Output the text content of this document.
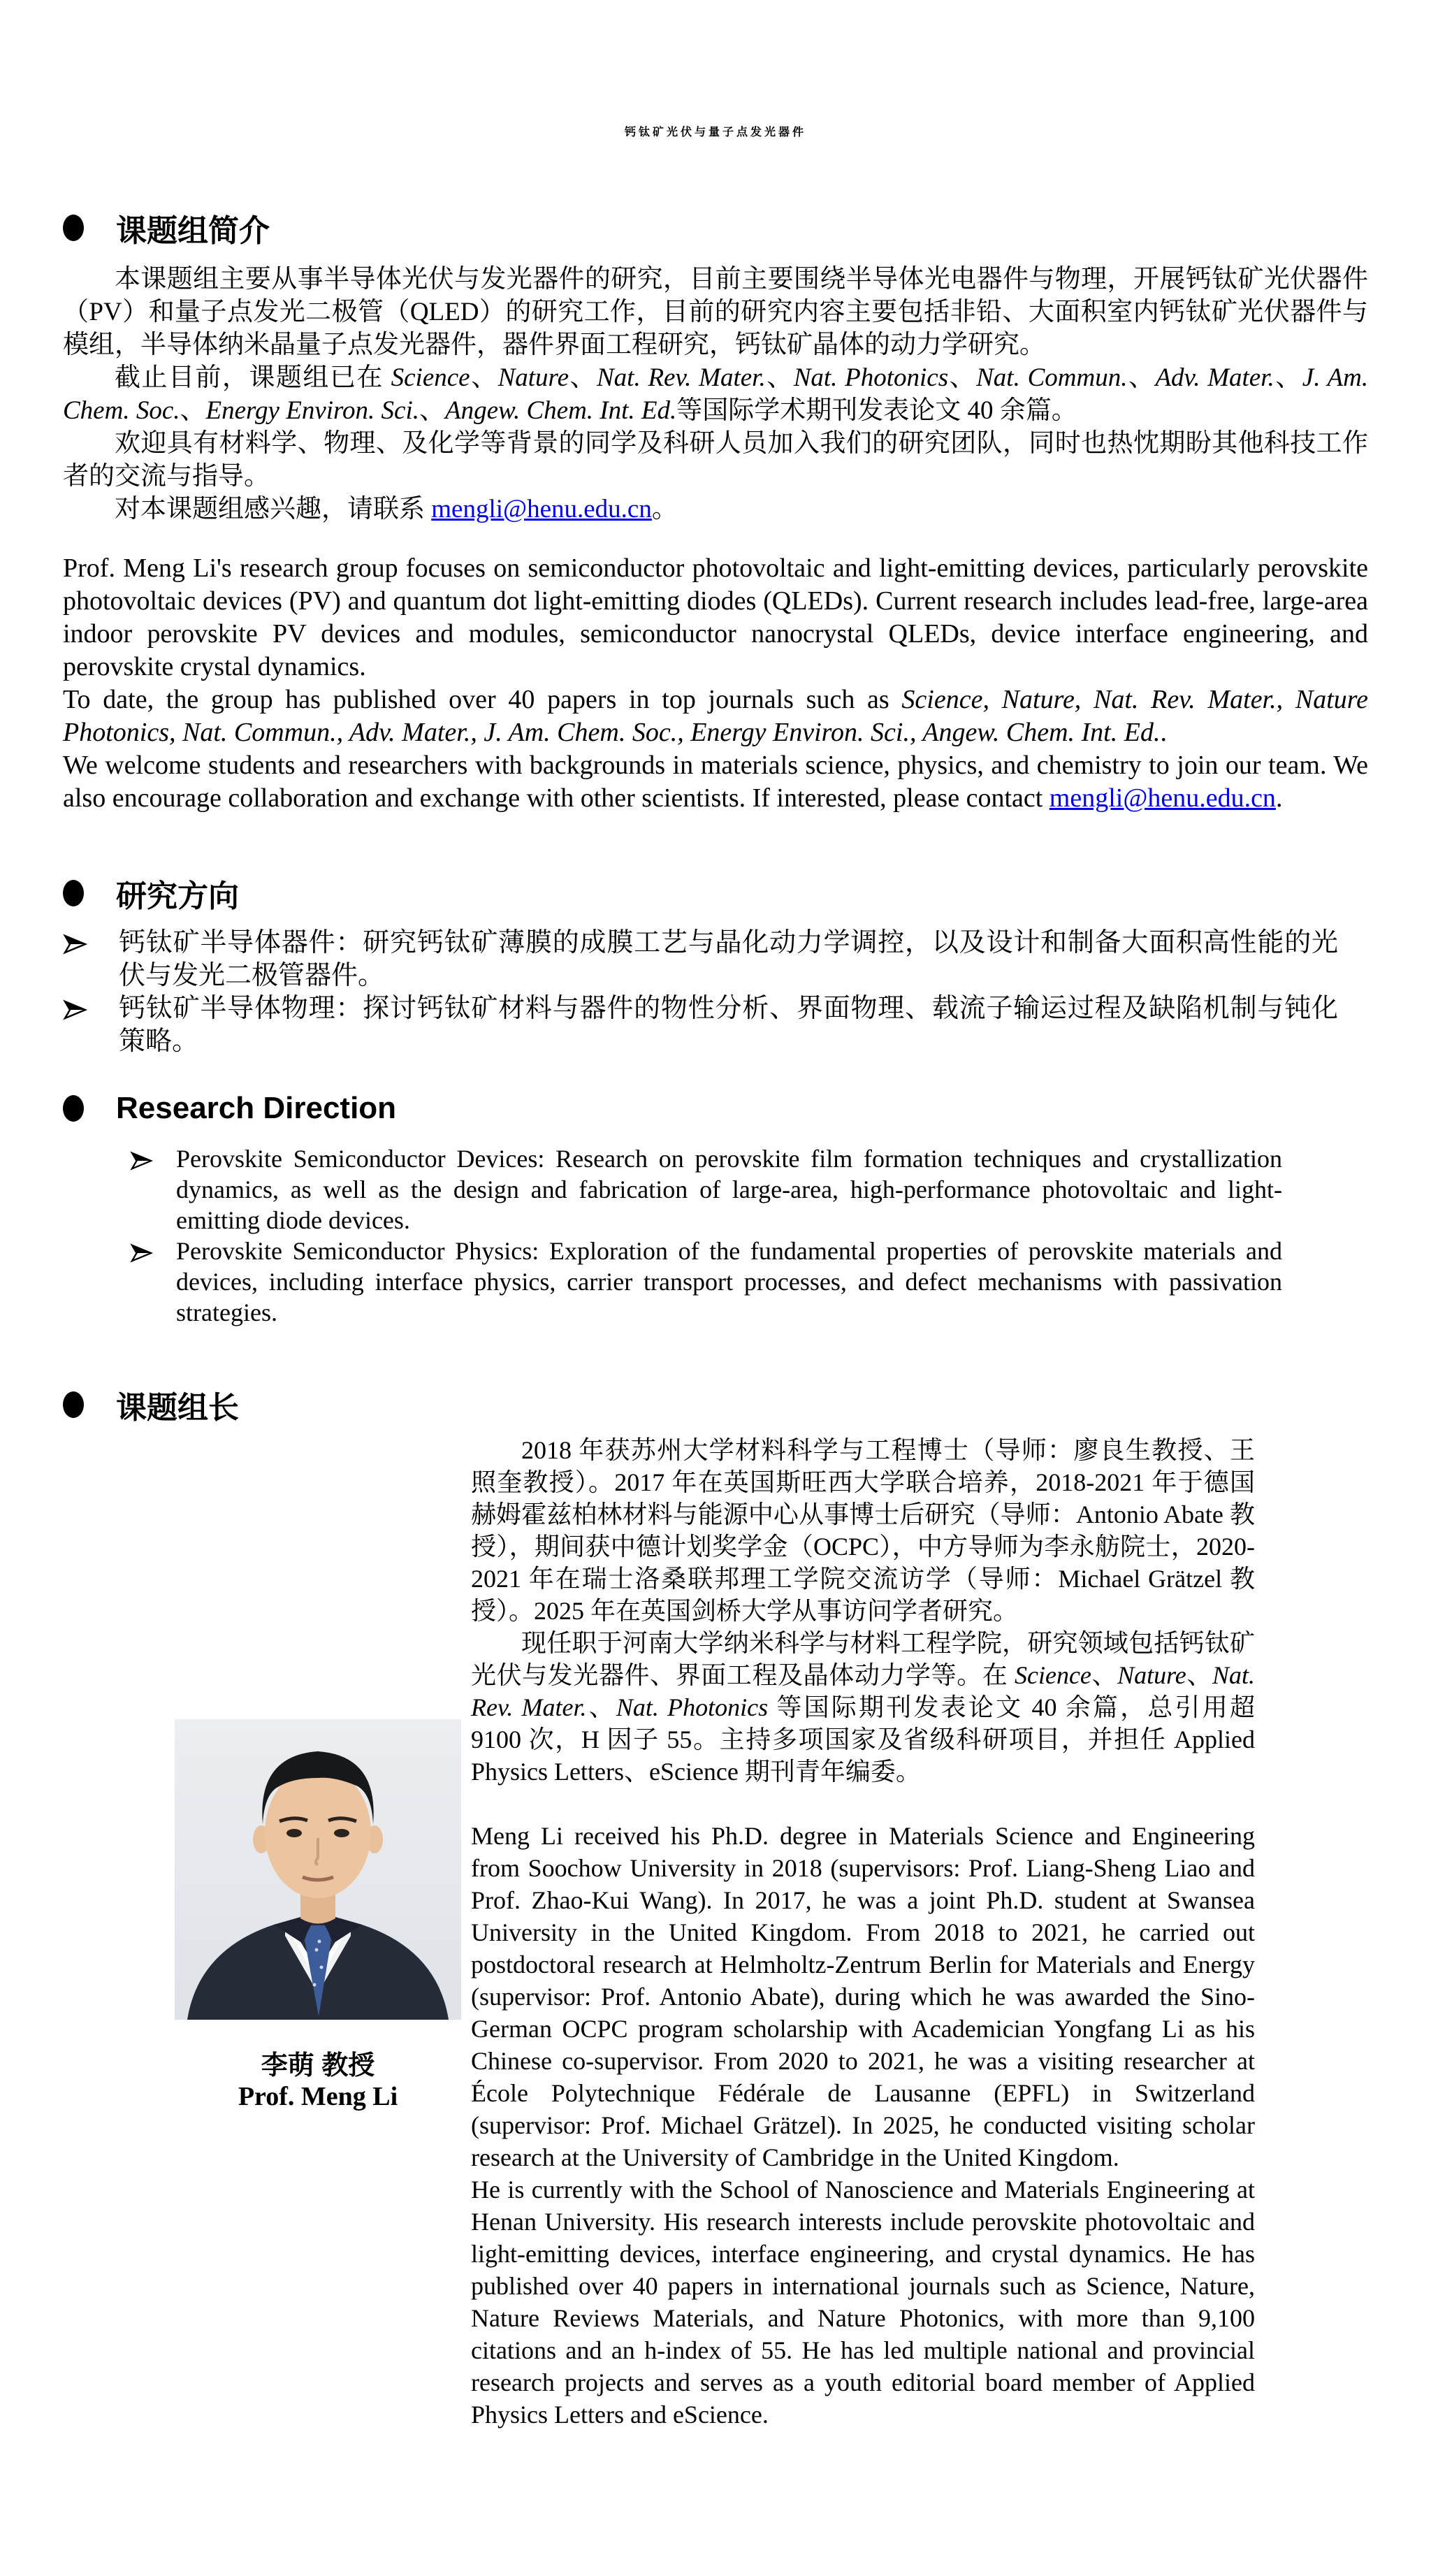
钙钛矿光伏与量子点发光器件
课题组简介

本课题组主要从事半导体光伏与发光器件的研究，目前主要围绕半导体光电器件与物理，开展钙钛矿光伏器件（PV）和量子点发光二极管（QLED）的研究工作，目前的研究内容主要包括非铅、大面积室内钙钛矿光伏器件与模组，半导体纳米晶量子点发光器件，器件界面工程研究，钙钛矿晶体的动力学研究。

截止目前，课题组已在 Science、Nature、Nat. Rev. Mater.、Nat. Photonics、Nat. Commun.、Adv. Mater.、J. Am. Chem. Soc.、Energy Environ. Sci.、Angew. Chem. Int. Ed.等国际学术期刊发表论文 40 余篇。

欢迎具有材料学、物理、及化学等背景的同学及科研人员加入我们的研究团队，同时也热忱期盼其他科技工作者的交流与指导。

对本课题组感兴趣，请联系 mengli@henu.edu.cn。

Prof. Meng Li's research group focuses on semiconductor photovoltaic and light-emitting devices, particularly perovskite photovoltaic devices (PV) and quantum dot light-emitting diodes (QLEDs). Current research includes lead-free, large-area indoor perovskite PV devices and modules, semiconductor nanocrystal QLEDs, device interface engineering, and perovskite crystal dynamics.

To date, the group has published over 40 papers in top journals such as Science, Nature, Nat. Rev. Mater., Nature Photonics, Nat. Commun., Adv. Mater., J. Am. Chem. Soc., Energy Environ. Sci., Angew. Chem. Int. Ed..

We welcome students and researchers with backgrounds in materials science, physics, and chemistry to join our team. We also encourage collaboration and exchange with other scientists. If interested, please contact mengli@henu.edu.cn.

研究方向
钙钛矿半导体器件：研究钙钛矿薄膜的成膜工艺与晶化动力学调控，以及设计和制备大面积高性能的光伏与发光二极管器件。
钙钛矿半导体物理：探讨钙钛矿材料与器件的物性分析、界面物理、载流子输运过程及缺陷机制与钝化策略。
Research Direction
Perovskite Semiconductor Devices: Research on perovskite film formation techniques and crystallization dynamics, as well as the design and fabrication of large-area, high-performance photovoltaic and light-emitting diode devices.
Perovskite Semiconductor Physics: Exploration of the fundamental properties of perovskite materials and devices, including interface physics, carrier transport processes, and defect mechanisms with passivation strategies.
课题组长
李萌 教授
Prof. Meng Li

2018 年获苏州大学材料科学与工程博士（导师：廖良生教授、王照奎教授）。2017 年在英国斯旺西大学联合培养，2018-2021 年于德国赫姆霍兹柏林材料与能源中心从事博士后研究（导师：Antonio Abate 教授），期间获中德计划奖学金（OCPC），中方导师为李永舫院士，2020-2021 年在瑞士洛桑联邦理工学院交流访学（导师：Michael Grätzel 教授）。2025 年在英国剑桥大学从事访问学者研究。

现任职于河南大学纳米科学与材料工程学院，研究领域包括钙钛矿光伏与发光器件、界面工程及晶体动力学等。在 Science、Nature、Nat. Rev. Mater.、Nat. Photonics 等国际期刊发表论文 40 余篇，总引用超 9100 次，H 因子 55。主持多项国家及省级科研项目，并担任 Applied Physics Letters、eScience 期刊青年编委。

Meng Li received his Ph.D. degree in Materials Science and Engineering from Soochow University in 2018 (supervisors: Prof. Liang-Sheng Liao and Prof. Zhao-Kui Wang). In 2017, he was a joint Ph.D. student at Swansea University in the United Kingdom. From 2018 to 2021, he carried out postdoctoral research at Helmholtz-Zentrum Berlin for Materials and Energy (supervisor: Prof. Antonio Abate), during which he was awarded the Sino-German OCPC program scholarship with Academician Yongfang Li as his Chinese co-supervisor. From 2020 to 2021, he was a visiting researcher at École Polytechnique Fédérale de Lausanne (EPFL) in Switzerland (supervisor: Prof. Michael Grätzel). In 2025, he conducted visiting scholar research at the University of Cambridge in the United Kingdom.

He is currently with the School of Nanoscience and Materials Engineering at Henan University. His research interests include perovskite photovoltaic and light-emitting devices, interface engineering, and crystal dynamics. He has published over 40 papers in international journals such as Science, Nature, Nature Reviews Materials, and Nature Photonics, with more than 9,100 citations and an h-index of 55. He has led multiple national and provincial research projects and serves as a youth editorial board member of Applied Physics Letters and eScience.
